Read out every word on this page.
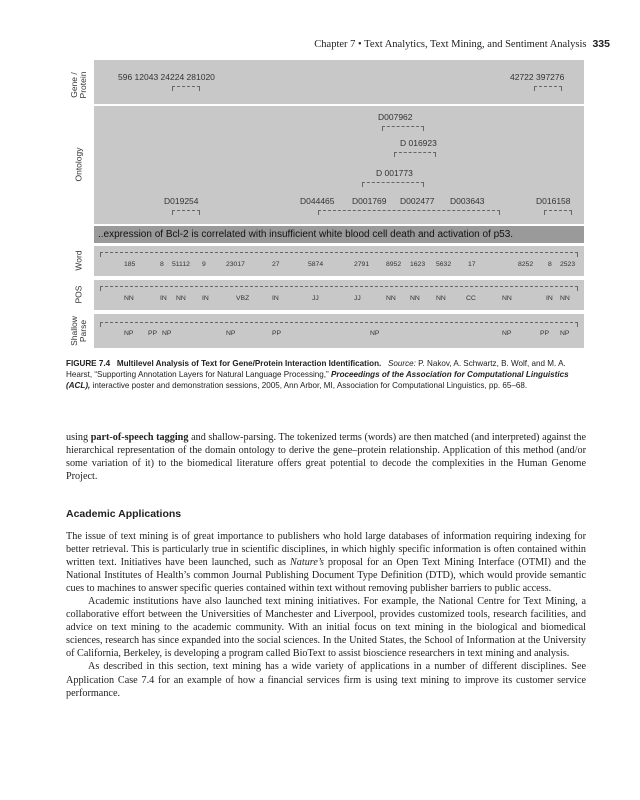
Chapter 7 • Text Analytics, Text Mining, and Sentiment Analysis 335
Gene /
Protein
Ontology
Word
POS
Shallow
Parse
596 12043 24224 281020	42722 397276
D007962
D 016923
D 001773
D019254	D044465 D001769 D002477 D003643	D016158
..expression of Bcl-2 is correlated with insufficient white blood cell death and activation of p53.
185	8 51112 9	23017	27	5874	2791 8952 1623 5632 17	8252 8 2523
NN	IN NN IN	VBZ	IN	JJ	JJ	NN NN NN	CC	NN	IN NN
NP PP NP	NP	PP	NP	NP	PP NP
FIGURE 7.4 Multilevel Analysis of Text for Gene/Protein Interaction Identification. Source: P. Nakov, A. Schwartz, B. Wolf, and M. A. Hearst, “Supporting Annotation Layers for Natural Language Processing,” Proceedings of the Association for Computational Linguistics (ACL), interactive poster and demonstration sessions, 2005, Ann Arbor, MI, Association for Computational Linguistics, pp. 65–68.

using part-of-speech tagging and shallow-parsing. The tokenized terms (words) are then matched (and interpreted) against the hierarchical representation of the domain ontology to derive the gene–protein relationship. Application of this method (and/or some variation of it) to the biomedical literature offers great potential to decode the complexities in the Human Genome Project.

Academic Applications

The issue of text mining is of great importance to publishers who hold large databases of information requiring indexing for better retrieval. This is particularly true in scientific disciplines, in which highly specific information is often contained within written text. Initiatives have been launched, such as Nature’s proposal for an Open Text Mining Interface (OTMI) and the National Institutes of Health’s common Journal Publishing Document Type Definition (DTD), which would provide semantic cues to machines to answer specific queries contained within text without removing publisher barriers to public access.

Academic institutions have also launched text mining initiatives. For example, the National Centre for Text Mining, a collaborative effort between the Universities of Manchester and Liverpool, provides customized tools, research facilities, and advice on text mining to the academic community. With an initial focus on text mining in the biological and biomedical sciences, research has since expanded into the social sciences. In the United States, the School of Information at the University of California, Berkeley, is developing a program called BioText to assist bioscience researchers in text mining and analysis.

As described in this section, text mining has a wide variety of applications in a number of different disciplines. See Application Case 7.4 for an example of how a financial services firm is using text mining to improve its customer service performance.
